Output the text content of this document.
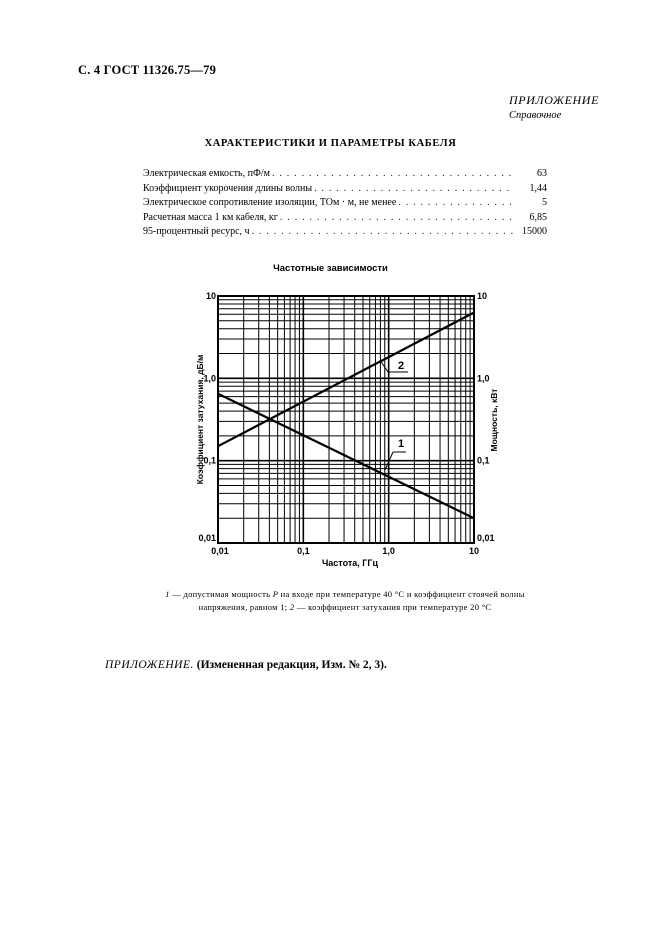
С. 4 ГОСТ 11326.75—79
ПРИЛОЖЕНИЕ
Справочное
ХАРАКТЕРИСТИКИ И ПАРАМЕТРЫ КАБЕЛЯ
Электрическая емкость, пФ/м . . .	63
Коэффициент укорочения длины волны . . .	1,44
Электрическое сопротивление изоляции, ТОм · м, не менее . . .	5
Расчетная масса 1 км кабеля, кг . . .	6,85
95-процентный ресурс, ч . . .	15000
Частотные зависимости
1
2
0,01	0,1	1,0	10
0,01
0,1
1,0
10
0,01
0,1
1,0
10
Частота, ГГц
Коэффициент затухания, дБ/м	Мощность, кВт
1 — допустимая мощность P на входе при температуре 40 °С и коэффициент стоячей волны напряжения, равном 1; 2 — коэффициент затухания при температуре 20 °С
ПРИЛОЖЕНИЕ. (Измененная редакция, Изм. № 2, 3).
